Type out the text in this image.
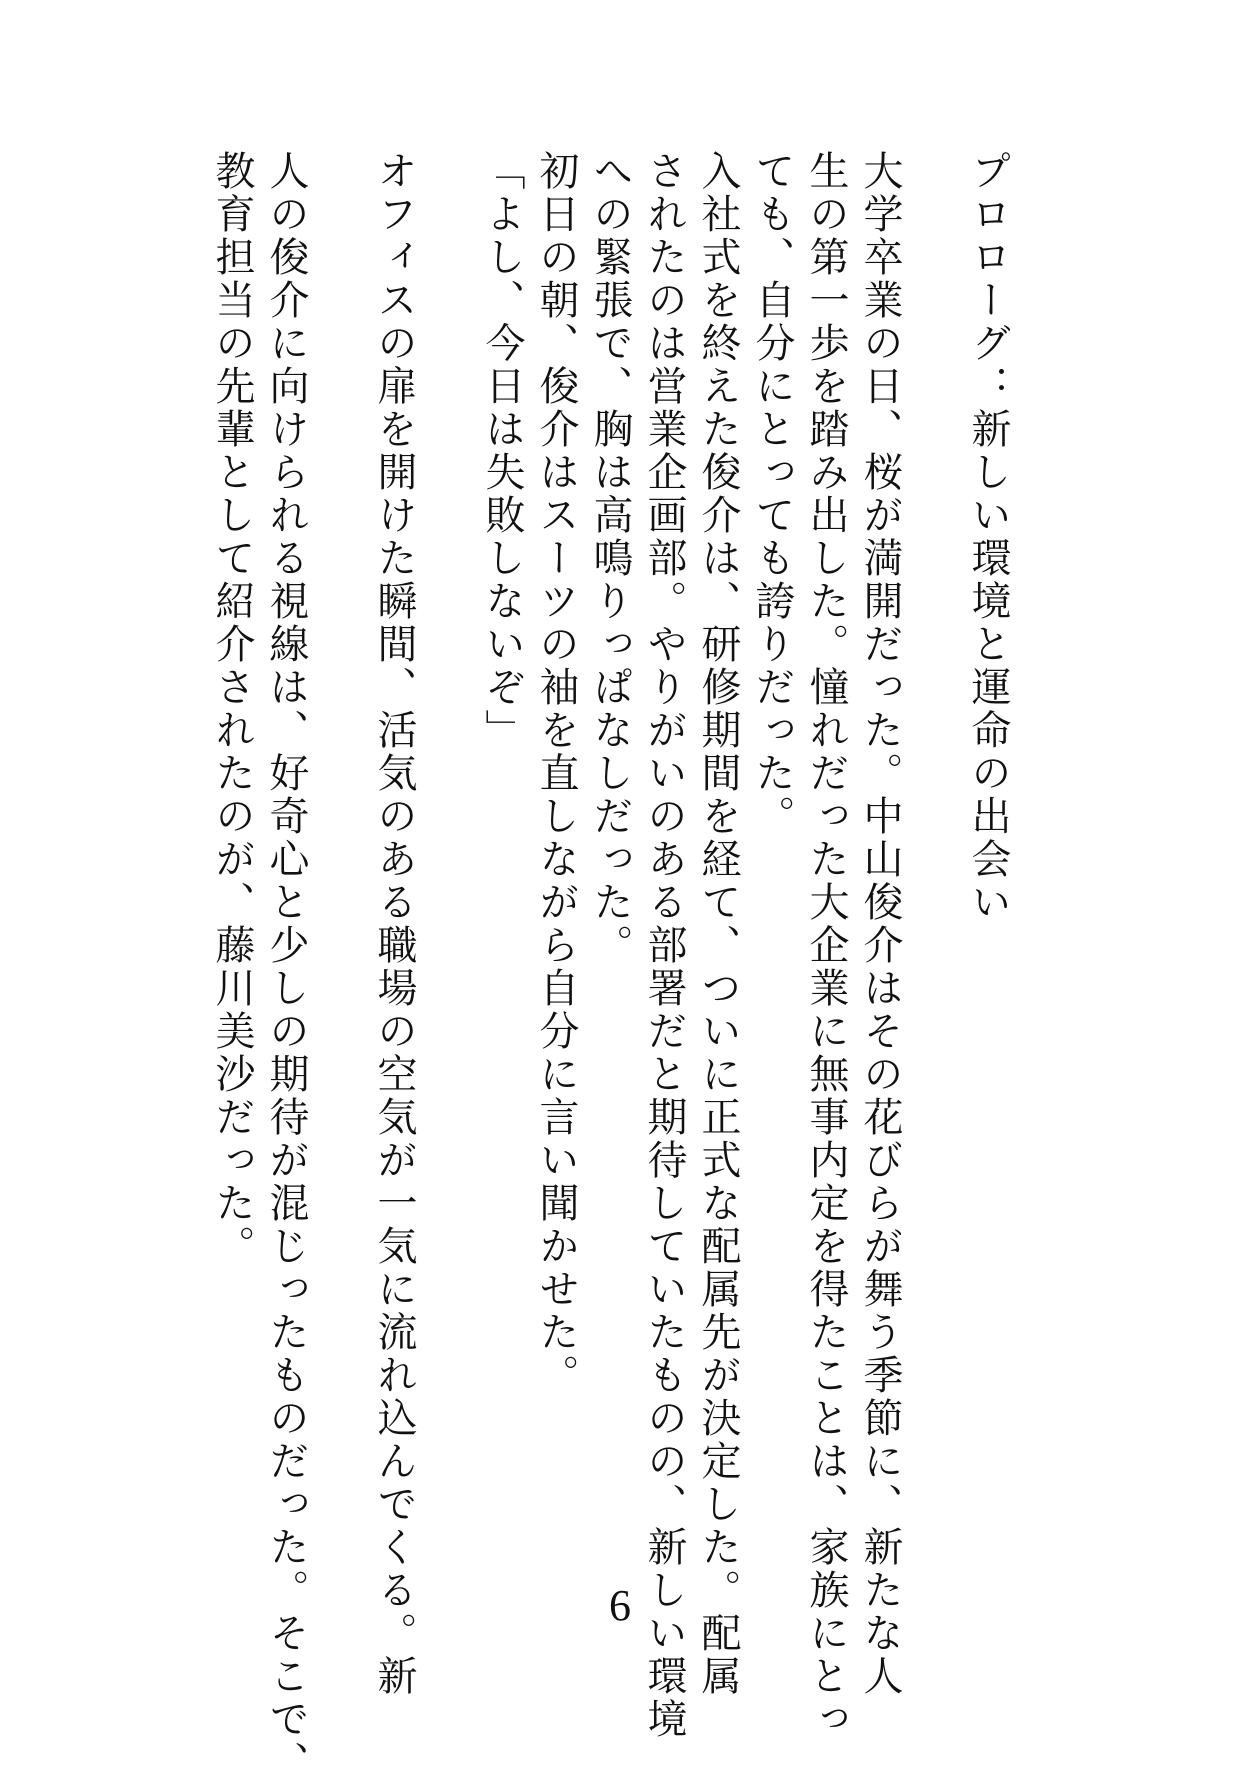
プロローグ：新しい環境と運命の出会い
大学卒業の日、桜が満開だった。中山俊介はその花びらが舞う季節に、新たな人
生の第一歩を踏み出した。憧れだった大企業に無事内定を得たことは、家族にとっ
ても、自分にとっても誇りだった。
入社式を終えた俊介は、研修期間を経て、ついに正式な配属先が決定した。配属
されたのは営業企画部。やりがいのある部署だと期待していたものの、新しい環境
への緊張で、胸は高鳴りっぱなしだった。
初日の朝、俊介はスーツの袖を直しながら自分に言い聞かせた。
「よし、今日は失敗しないぞ」
オフィスの扉を開けた瞬間、活気のある職場の空気が一気に流れ込んでくる。新
人の俊介に向けられる視線は、好奇心と少しの期待が混じったものだった。そこで、
教育担当の先輩として紹介されたのが、藤川美沙だった。
6
